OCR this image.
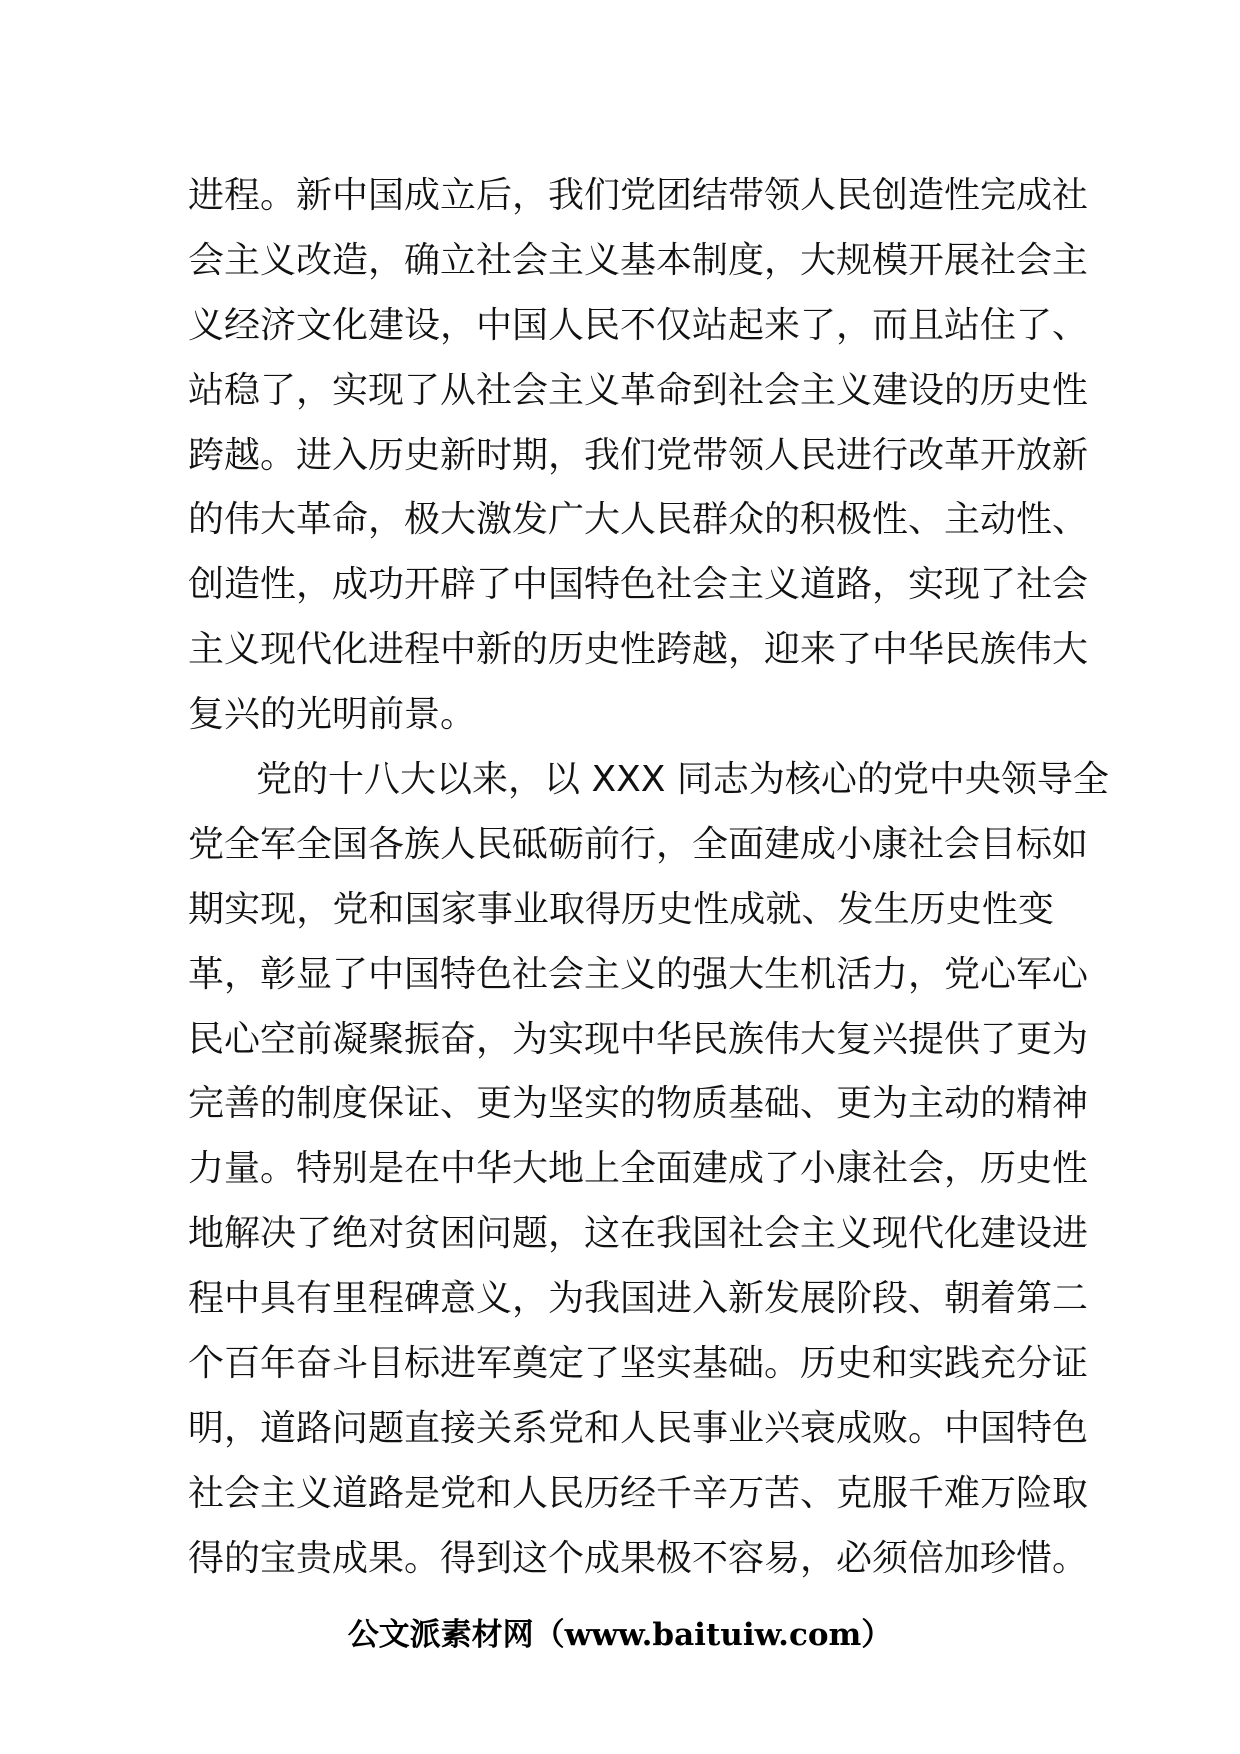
进程。新中国成立后，我们党团结带领人民创造性完成社
会主义改造，确立社会主义基本制度，大规模开展社会主
义经济文化建设，中国人民不仅站起来了，而且站住了、
站稳了，实现了从社会主义革命到社会主义建设的历史性
跨越。进入历史新时期，我们党带领人民进行改革开放新
的伟大革命，极大激发广大人民群众的积极性、主动性、
创造性，成功开辟了中国特色社会主义道路，实现了社会
主义现代化进程中新的历史性跨越，迎来了中华民族伟大
复兴的光明前景。
党的十八大以来，以 XXX 同志为核心的党中央领导全
党全军全国各族人民砥砺前行，全面建成小康社会目标如
期实现，党和国家事业取得历史性成就、发生历史性变
革，彰显了中国特色社会主义的强大生机活力，党心军心
民心空前凝聚振奋，为实现中华民族伟大复兴提供了更为
完善的制度保证、更为坚实的物质基础、更为主动的精神
力量。特别是在中华大地上全面建成了小康社会，历史性
地解决了绝对贫困问题，这在我国社会主义现代化建设进
程中具有里程碑意义，为我国进入新发展阶段、朝着第二
个百年奋斗目标进军奠定了坚实基础。历史和实践充分证
明，道路问题直接关系党和人民事业兴衰成败。中国特色
社会主义道路是党和人民历经千辛万苦、克服千难万险取
得的宝贵成果。得到这个成果极不容易，必须倍加珍惜。
公文派素材网（www.baituiw.com）
